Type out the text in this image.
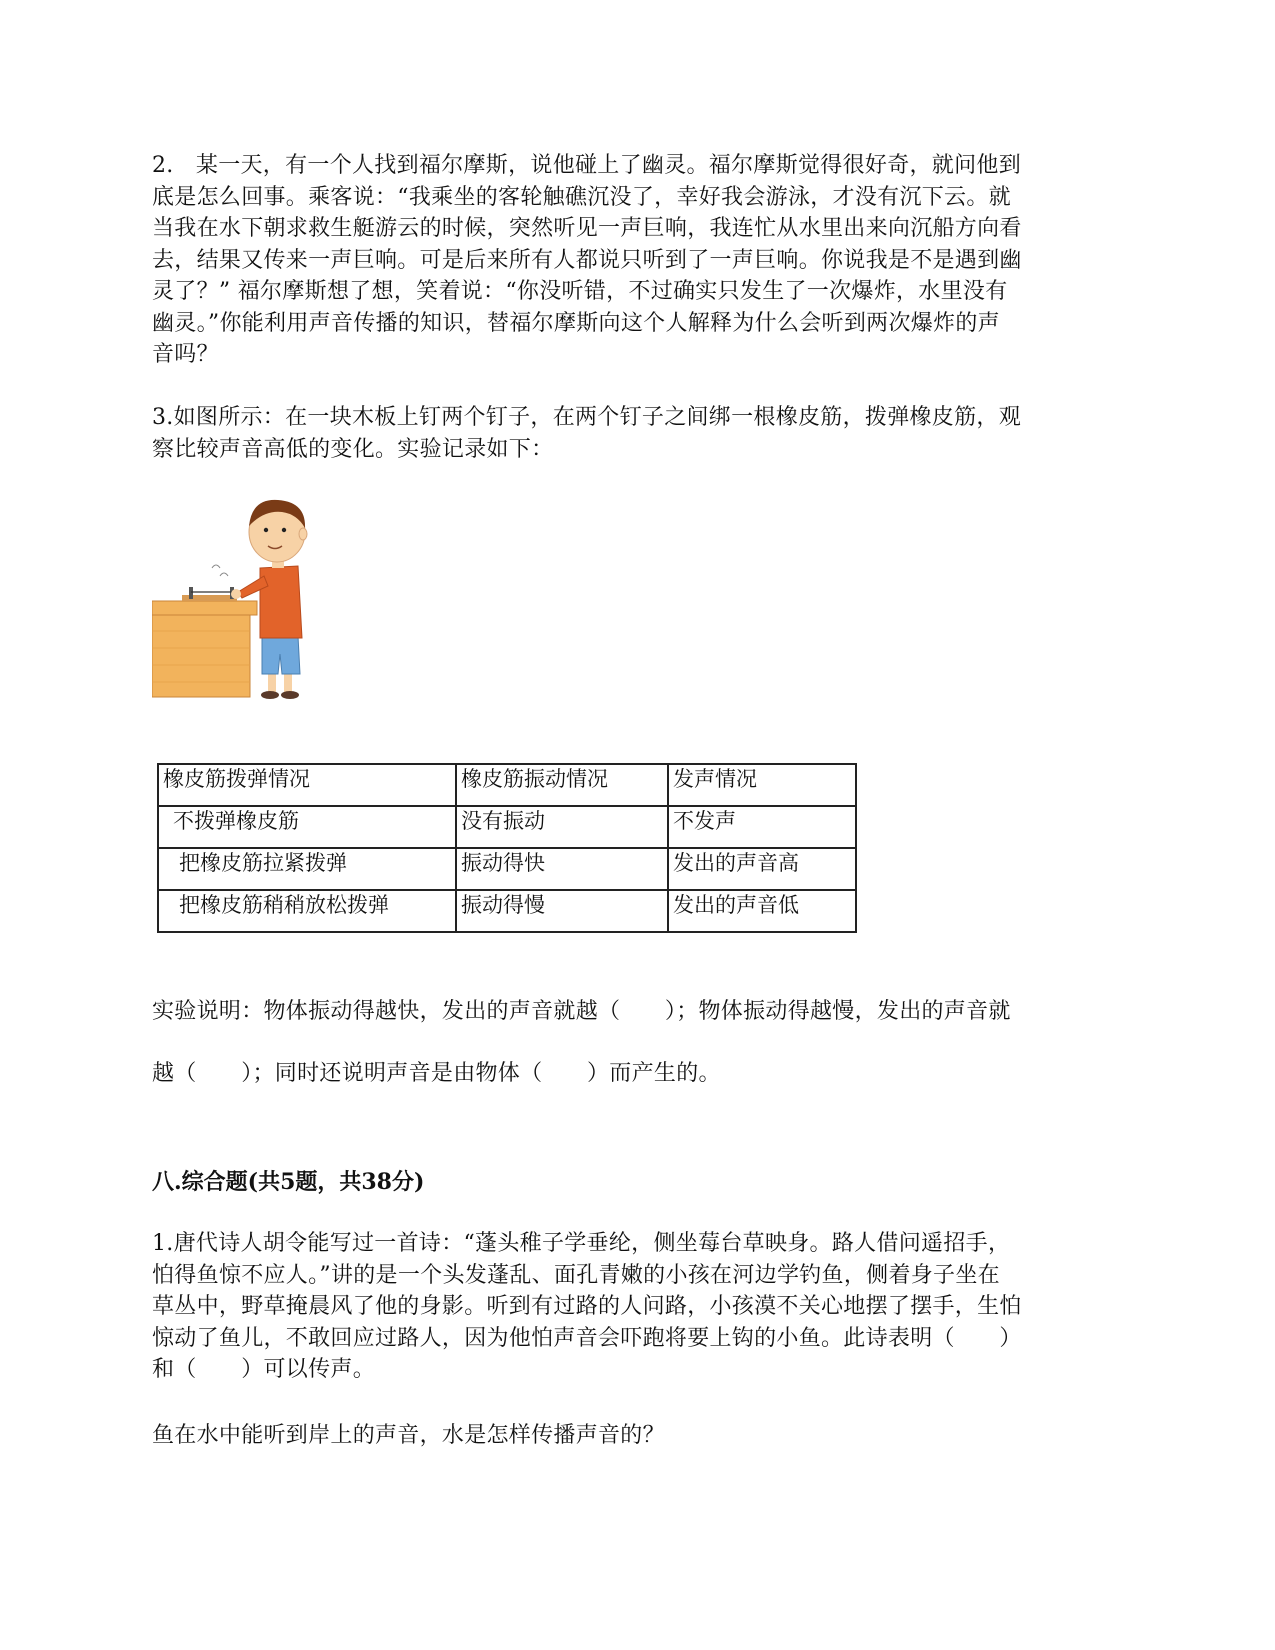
2.　某一天，有一个人找到福尔摩斯，说他碰上了幽灵。福尔摩斯觉得很好奇，就问他到
底是怎么回事。乘客说：“我乘坐的客轮触礁沉没了，幸好我会游泳，才没有沉下云。就
当我在水下朝求救生艇游云的时候，突然听见一声巨响，我连忙从水里出来向沉船方向看
去，结果又传来一声巨响。可是后来所有人都说只听到了一声巨响。你说我是不是遇到幽
灵了？” 福尔摩斯想了想，笑着说：“你没听错，不过确实只发生了一次爆炸，水里没有
幽灵。”你能利用声音传播的知识，替福尔摩斯向这个人解释为什么会听到两次爆炸的声
音吗？
3.如图所示：在一块木板上钉两个钉子，在两个钉子之间绑一根橡皮筋，拨弹橡皮筋，观
察比较声音高低的变化。实验记录如下：
橡皮筋拨弹情况	橡皮筋振动情况	发声情况
不拨弹橡皮筋	没有振动	不发声
把橡皮筋拉紧拨弹	振动得快	发出的声音高
把橡皮筋稍稍放松拨弹	振动得慢	发出的声音低
实验说明：物体振动得越快，发出的声音就越（　　）；物体振动得越慢，发出的声音就
越（　　）；同时还说明声音是由物体（　　）而产生的。
八.综合题(共5题，共38分)
1.唐代诗人胡令能写过一首诗：“蓬头稚子学垂纶，侧坐莓台草映身。路人借问遥招手，
怕得鱼惊不应人。”讲的是一个头发蓬乱、面孔青嫩的小孩在河边学钓鱼，侧着身子坐在
草丛中，野草掩晨风了他的身影。听到有过路的人问路，小孩漠不关心地摆了摆手，生怕
惊动了鱼儿，不敢回应过路人，因为他怕声音会吓跑将要上钩的小鱼。此诗表明（　　）
和（　　）可以传声。
鱼在水中能听到岸上的声音，水是怎样传播声音的？
